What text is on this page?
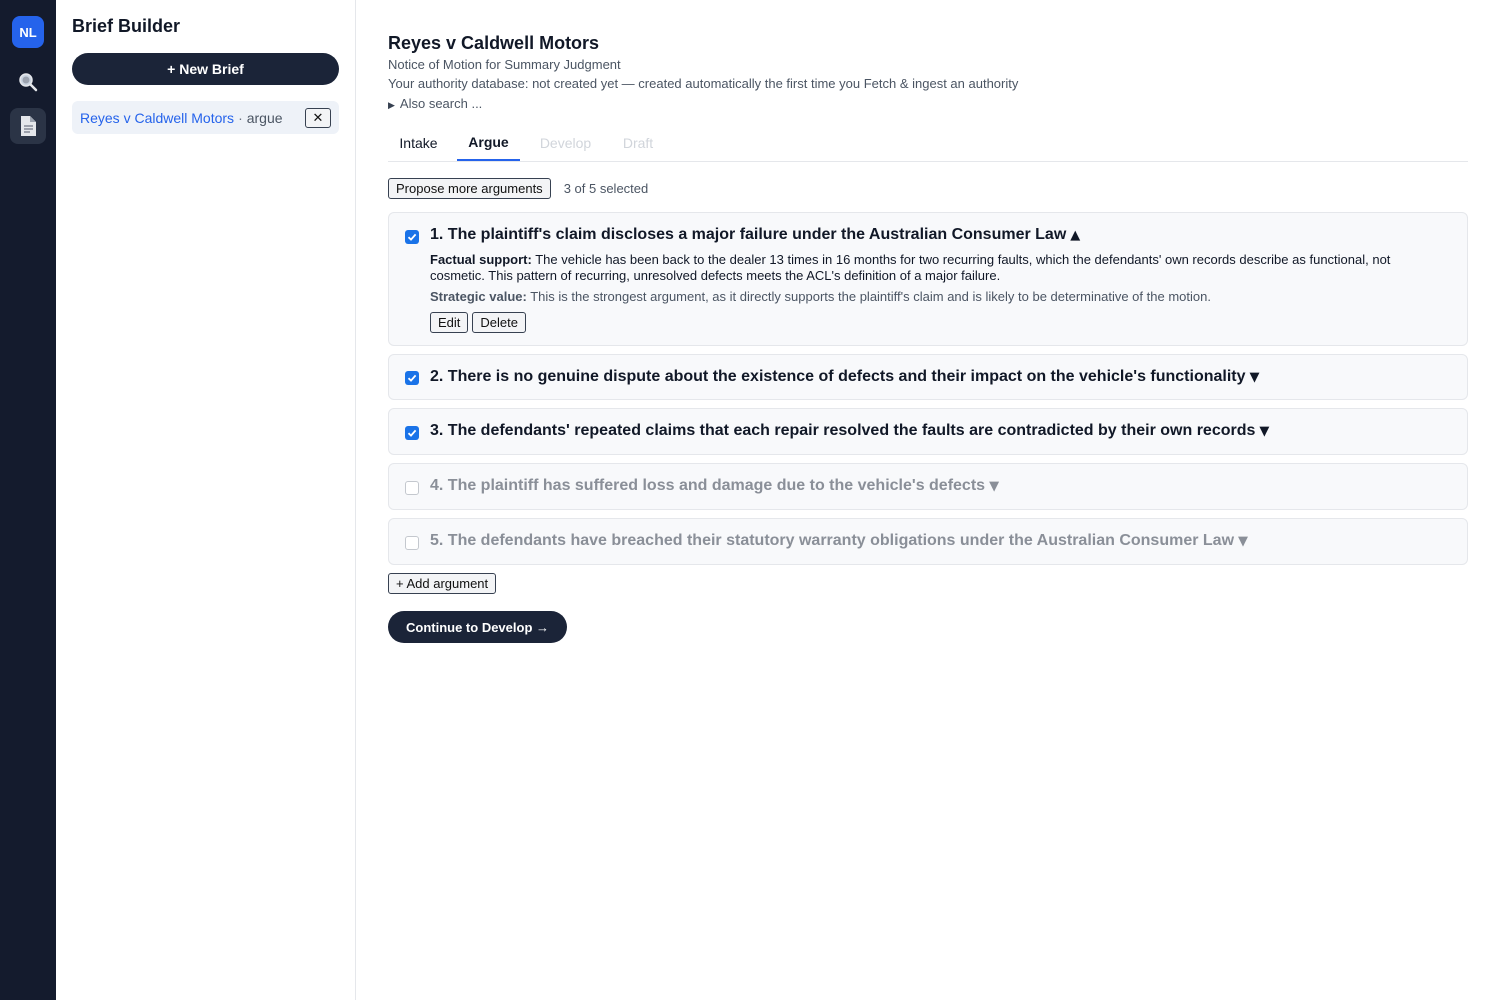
NL	Brief Builder
+ New Brief
Reyes v Caldwell Motors · argue ✕
Reyes v Caldwell Motors
Notice of Motion for Summary Judgment
Your authority database: not created yet — created automatically the first time you Fetch & ingest an authority
▶ Also search ...
Intake	Argue	Develop	Draft
Propose more arguments	3 of 5 selected
1. The plaintiff's claim discloses a major failure under the Australian Consumer Law ▲
Factual support: The vehicle has been back to the dealer 13 times in 16 months for two recurring faults, which the defendants' own records describe as functional, not cosmetic. This pattern of recurring, unresolved defects meets the ACL's definition of a major failure.
Strategic value: This is the strongest argument, as it directly supports the plaintiff's claim and is likely to be determinative of the motion.
Edit	Delete
2. There is no genuine dispute about the existence of defects and their impact on the vehicle's functionality ▼
3. The defendants' repeated claims that each repair resolved the faults are contradicted by their own records ▼
4. The plaintiff has suffered loss and damage due to the vehicle's defects ▼
5. The defendants have breached their statutory warranty obligations under the Australian Consumer Law ▼
+ Add argument
Continue to Develop →
